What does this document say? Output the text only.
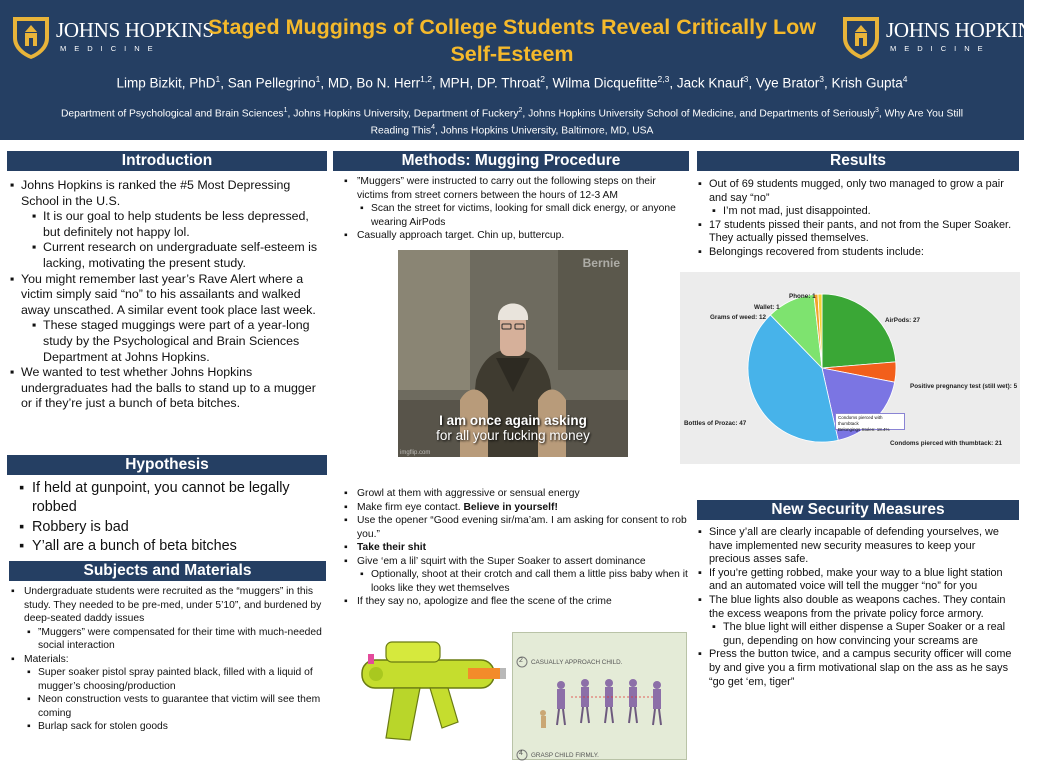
JOHNS HOPKINS
MEDICINE
JOHNS HOPKINS
MEDICINE
Staged Muggings of College Students Reveal Critically Low
Self-Esteem
Limp Bizkit, PhD$^1$, San Pellegrino$^1$, MD, Bo N. Herr$^{1,2}$, MPH, DP. Throat$^2$, Wilma Dicquefitte$^{2,3}$, Jack Knauf$^3$, Vye Brator$^3$, Krish Gupta$^4$
Department of Psychological and Brain Sciences$^1$, Johns Hopkins University, Department of Fuckery$^2$, Johns Hopkins University School of Medicine, and Departments of Seriously$^3$, Why Are You Still Reading This$^4$, Johns Hopkins University, Baltimore, MD, USA
Introduction
▪ Johns Hopkins is ranked the #5 Most Depressing School in the U.S.
▪ It is our goal to help students be less depressed, but definitely not happy lol.
▪ Current research on undergraduate self-esteem is lacking, motivating the present study.
▪ You might remember last year’s Rave Alert where a victim simply said “no” to his assailants and walked away unscathed. A similar event took place last week.
▪ These staged muggings were part of a year-long study by the Psychological and Brain Sciences Department at Johns Hopkins.
▪ We wanted to test whether Johns Hopkins undergraduates had the balls to stand up to a mugger or if they’re just a bunch of beta bitches.
Hypothesis
▪ If held at gunpoint, you cannot be legally robbed
▪ Robbery is bad
▪ Y’all are a bunch of beta bitches
Subjects and Materials
▪ Undergraduate students were recruited as the “muggers” in this study. They needed to be pre-med, under 5’10”, and burdened by deep-seated daddy issues
▪ ”Muggers” were compensated for their time with much-needed social interaction
▪ Materials:
▪ Super soaker pistol spray painted black, filled with a liquid of mugger’s choosing/production
▪ Neon construction vests to guarantee that victim will see them coming
▪ Burlap sack for stolen goods
Methods: Mugging Procedure
▪ ”Muggers” were instructed to carry out the following steps on their victims from street corners between the hours of 12-3 AM
▪ Scan the street for victims, looking for small dick energy, or anyone wearing AirPods
▪ Casually approach target. Chin up, buttercup.
Bernie
I am once again asking
for all your fucking money
imgflip.com
▪ Growl at them with aggressive or sensual energy
▪ Make firm eye contact. Believe in yourself!
▪ Use the opener “Good evening sir/ma’am. I am asking for consent to rob you.”
▪ Take their shit
▪ Give ‘em a lil’ squirt with the Super Soaker to assert dominance
▪ Optionally, shoot at their crotch and call them a little piss baby when it looks like they wet themselves
▪ If they say no, apologize and flee the scene of the crime
CASUALLY APPROACH CHILD.
GRASP CHILD FIRMLY.
2
4
Results
▪ Out of 69 students mugged, only two managed to grow a pair and say “no”
▪ I’m not mad, just disappointed.
▪ 17 students pissed their pants, and not from the Super Soaker. They actually pissed themselves.
▪ Belongings recovered from students include:
Phone: 1
Wallet: 1
Grams of weed: 12	AirPods: 27
Positive pregnancy test (still wet): 5
Condoms pierced with thumbtack: 21
Bottles of Prozac: 47
Condoms pierced with thumbtack
Belongings Stolen: 18.4%
New Security Measures
▪ Since y’all are clearly incapable of defending yourselves, we have implemented new security measures to keep your precious asses safe.
▪ If you’re getting robbed, make your way to a blue light station and an automated voice will tell the mugger “no” for you
▪ The blue lights also double as weapons caches. They contain the excess weapons from the private policy force armory.
▪ The blue light will either dispense a Super Soaker or a real gun, depending on how convincing your screams are
▪ Press the button twice, and a campus security officer will come by and give you a firm motivational slap on the ass as he says “go get ‘em, tiger”
